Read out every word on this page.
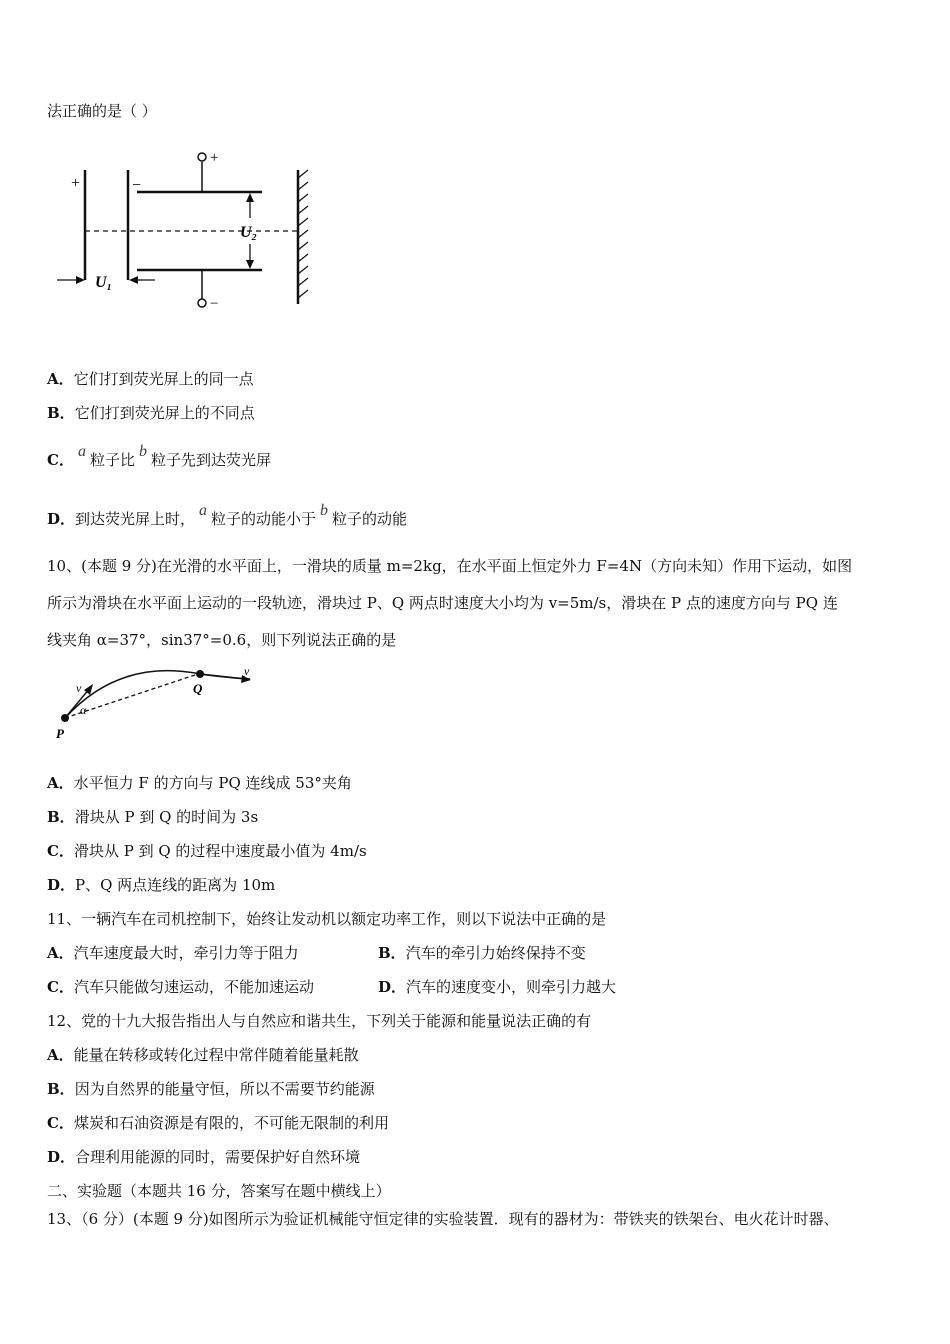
法正确的是（ ）
+	−
+
−
U₂
U₁
A．它们打到荧光屏上的同一点
B．它们打到荧光屏上的不同点
C． a 粒子比 b 粒子先到达荧光屏
D．到达荧光屏上时， a 粒子的动能小于 b 粒子的动能
10、(本题 9 分)在光滑的水平面上，一滑块的质量 m=2kg，在水平面上恒定外力 F=4N（方向未知）作用下运动，如图
所示为滑块在水平面上运动的一段轨迹，滑块过 P、Q 两点时速度大小均为 v=5m/s，滑块在 P 点的速度方向与 PQ 连
线夹角 α=37°，sin37°=0.6，则下列说法正确的是
v
α
P
Q
v
A．水平恒力 F 的方向与 PQ 连线成 53°夹角
B．滑块从 P 到 Q 的时间为 3s
C．滑块从 P 到 Q 的过程中速度最小值为 4m/s
D．P、Q 两点连线的距离为 10m
11、一辆汽车在司机控制下，始终让发动机以额定功率工作，则以下说法中正确的是
A．汽车速度最大时，牵引力等于阻力	B．汽车的牵引力始终保持不变
C．汽车只能做匀速运动，不能加速运动	D．汽车的速度变小，则牵引力越大
12、党的十九大报告指出人与自然应和谐共生，下列关于能源和能量说法正确的有
A．能量在转移或转化过程中常伴随着能量耗散
B．因为自然界的能量守恒，所以不需要节约能源
C．煤炭和石油资源是有限的，不可能无限制的利用
D．合理利用能源的同时，需要保护好自然环境
二、实验题（本题共 16 分，答案写在题中横线上）
13、（6 分）(本题 9 分)如图所示为验证机械能守恒定律的实验装置．现有的器材为：带铁夹的铁架台、电火花计时器、
